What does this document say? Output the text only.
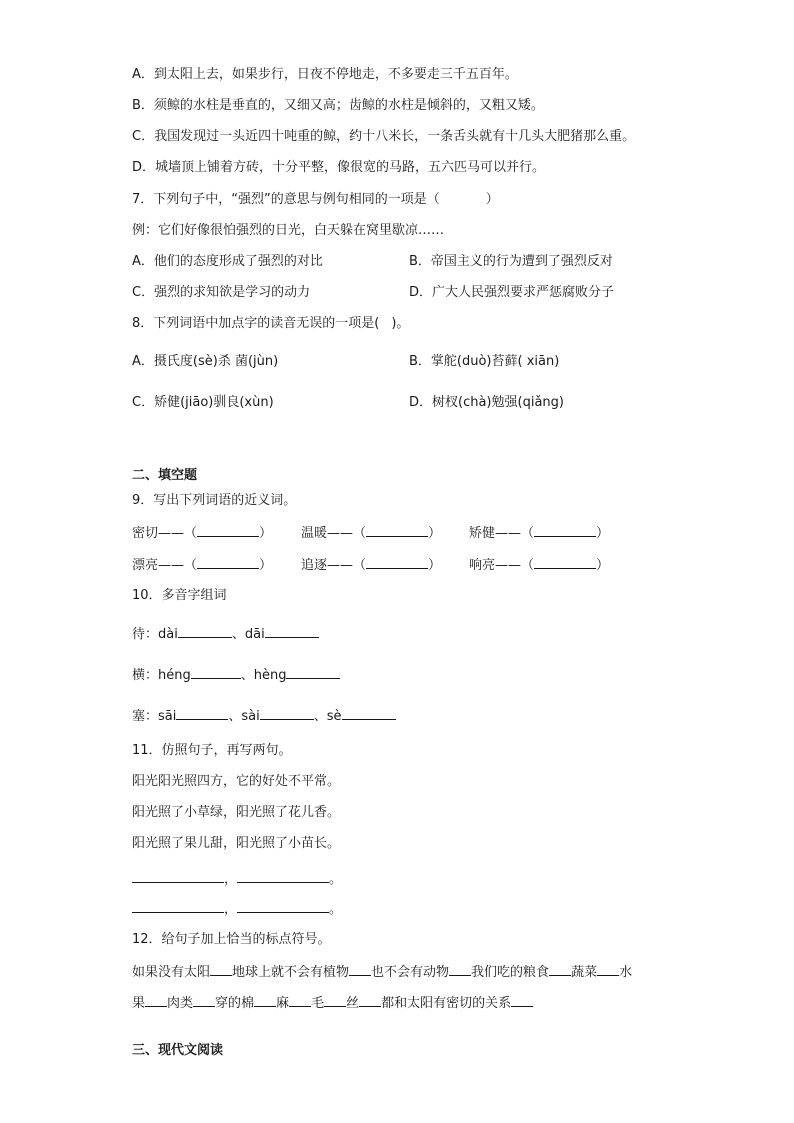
A．到太阳上去，如果步行，日夜不停地走，不多要走三千五百年。
B．须鲸的水柱是垂直的，又细又高；齿鲸的水柱是倾斜的，又粗又矮。
C．我国发现过一头近四十吨重的鲸，约十八米长，一条舌头就有十几头大肥猪那么重。
D．城墙顶上铺着方砖，十分平整，像很宽的马路，五六匹马可以并行。
7．下列句子中，“强烈”的意思与例句相同的一项是（	）
例：它们好像很怕强烈的日光，白天躲在窝里歇凉……
A．他们的态度形成了强烈的对比	B．帝国主义的行为遭到了强烈反对
C．强烈的求知欲是学习的动力	D．广大人民强烈要求严惩腐败分子
8．下列词语中加点字的读音无误的一项是( )。
A．摄氏度(sè)杀 菌(jùn)	B．掌舵(duò)苔藓( xiān)
C．矫健(jiāo)驯良(xùn)	D．树杈(chà)勉强(qiǎng)
二、填空题
9．写出下列词语的近义词。
密切——（	） 温暖——（	） 矫健——（	）
漂亮——（	） 追逐——（	） 响亮——（	）
10．多音字组词
待：dài	、dāi
横：héng	、hèng
塞：sāi	、sài	、sè
11．仿照句子，再写两句。
阳光阳光照四方，它的好处不平常。
阳光照了小草绿，阳光照了花儿香。
阳光照了果儿甜，阳光照了小苗长。
，	。
，	。
12．给句子加上恰当的标点符号。
如果没有太阳 地球上就不会有植物 也不会有动物 我们吃的粮食 蔬菜 水
果 肉类 穿的棉 麻 毛 丝 都和太阳有密切的关系
三、现代文阅读
